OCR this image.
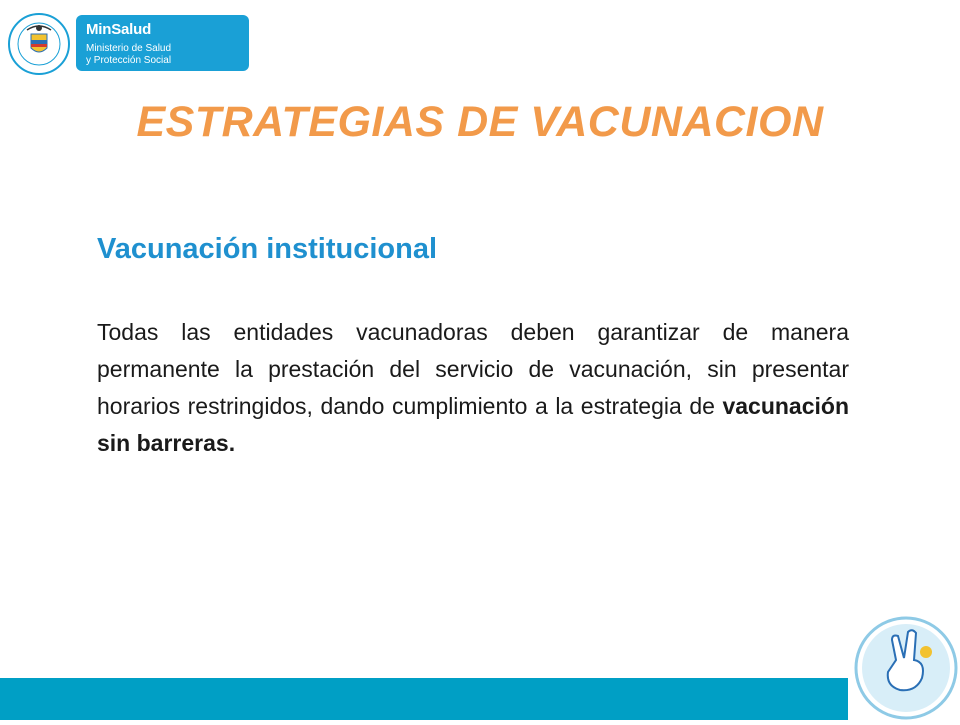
MinSalud
Ministerio de Salud
y Protección Social
ESTRATEGIAS DE VACUNACION
Vacunación institucional

Todas las entidades vacunadoras deben garantizar de manera permanente la prestación del servicio de vacunación, sin presentar horarios restringidos, dando cumplimiento a la estrategia de vacunación sin barreras.
